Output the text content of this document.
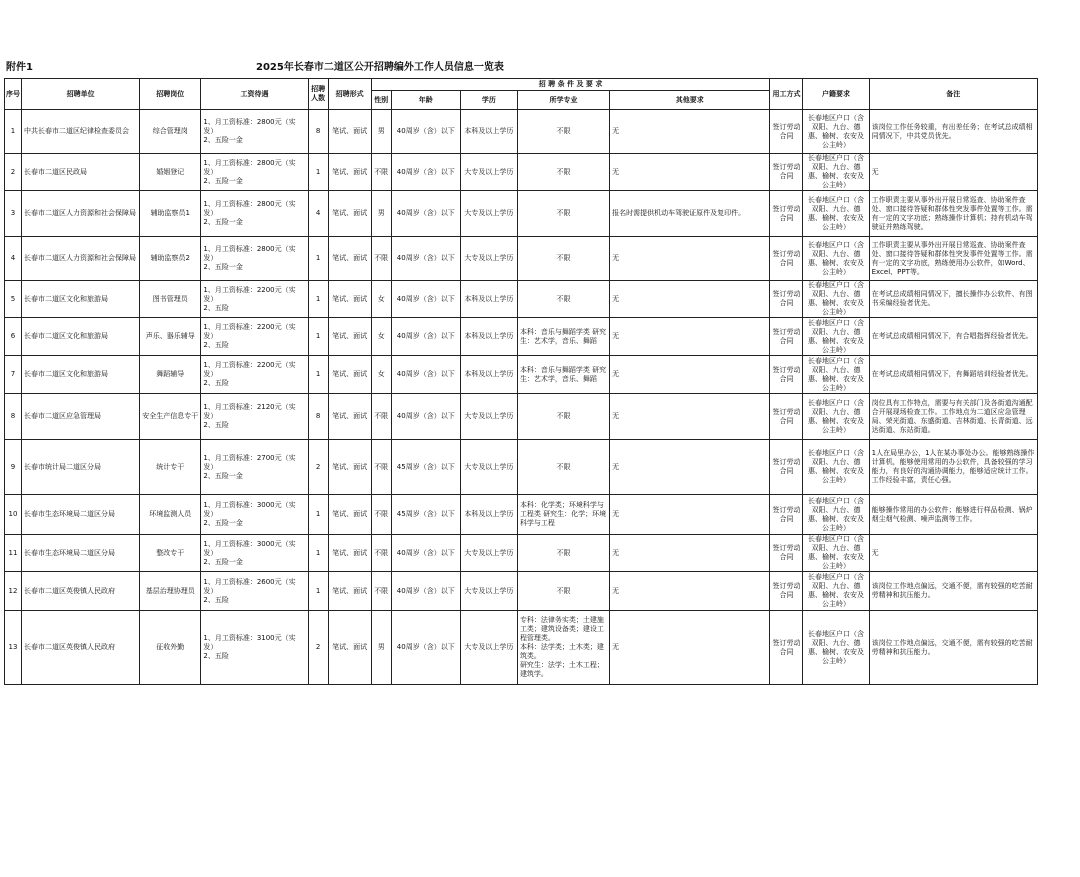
附件1	2025年长春市二道区公开招聘编外工作人员信息一览表
序号	招聘单位	招聘岗位	工资待遇	招聘人数	招聘形式	招 聘 条 件 及 要 求					用工方式	户籍要求	备注
						性别	年龄	学历	所学专业	其他要求			
1	中共长春市二道区纪律检查委员会	综合管理岗	1、月工资标准：2800元（实发）
2、五险一金	8	笔试、面试	男	40周岁（含）以下	本科及以上学历	不限	无	签订劳动合同	长春地区户口（含双阳、九台、德惠、榆树、农安及公主岭）	该岗位工作任务较重，有出差任务；在考试总成绩相同情况下，中共党员优先。
2	长春市二道区民政局	婚姻登记	1、月工资标准：2800元（实发）
2、五险一金	1	笔试、面试	不限	40周岁（含）以下	大专及以上学历	不限	无	签订劳动合同	长春地区户口（含双阳、九台、德惠、榆树、农安及公主岭）	无
3	长春市二道区人力资源和社会保障局	辅助监察员1	1、月工资标准：2800元（实发）
2、五险一金	4	笔试、面试	男	40周岁（含）以下	大专及以上学历	不限	报名时需提供机动车驾驶证原件及复印件。	签订劳动合同	长春地区户口（含双阳、九台、德惠、榆树、农安及公主岭）	工作职责主要从事外出开展日常巡查、协助案件查处、窗口接待答疑和群体性突发事件处置等工作。需有一定的文字功底；熟练操作计算机；持有机动车驾驶证并熟练驾驶。
4	长春市二道区人力资源和社会保障局	辅助监察员2	1、月工资标准：2800元（实发）
2、五险一金	1	笔试、面试	不限	40周岁（含）以下	大专及以上学历	不限	无	签订劳动合同	长春地区户口（含双阳、九台、德惠、榆树、农安及公主岭）	工作职责主要从事外出开展日常巡查、协助案件查处、窗口接待答疑和群体性突发事件处置等工作。需有一定的文字功底，熟练使用办公软件，如Word、Excel、PPT等。
5	长春市二道区文化和旅游局	图书管理员	1、月工资标准：2200元（实发）
2、五险	1	笔试、面试	女	40周岁（含）以下	本科及以上学历	不限	无	签订劳动合同	长春地区户口（含双阳、九台、德惠、榆树、农安及公主岭）	在考试总成绩相同情况下，擅长操作办公软件、有图书采编经验者优先。
6	长春市二道区文化和旅游局	声乐、器乐辅导	1、月工资标准：2200元（实发）
2、五险	1	笔试、面试	女	40周岁（含）以下	本科及以上学历	本科：音乐与舞蹈学类 研究生：艺术学，音乐、舞蹈	无	签订劳动合同	长春地区户口（含双阳、九台、德惠、榆树、农安及公主岭）	在考试总成绩相同情况下，有合唱指挥经验者优先。
7	长春市二道区文化和旅游局	舞蹈辅导	1、月工资标准：2200元（实发）
2、五险	1	笔试、面试	女	40周岁（含）以下	本科及以上学历	本科：音乐与舞蹈学类 研究生：艺术学，音乐、舞蹈	无	签订劳动合同	长春地区户口（含双阳、九台、德惠、榆树、农安及公主岭）	在考试总成绩相同情况下，有舞蹈培训经验者优先。
8	长春市二道区应急管理局	安全生产信息专干	1、月工资标准：2120元（实发）
2、五险	8	笔试、面试	不限	40周岁（含）以下	大专及以上学历	不限	无	签订劳动合同	长春地区户口（含双阳、九台、德惠、榆树、农安及公主岭）	岗位具有工作特点，需要与有关部门及各街道沟通配合开展现场检查工作。工作地点为二道区应急管理局、荣光街道、东盛街道、吉林街道、长青街道、远达街道、东站街道。
9	长春市统计局二道区分局	统计专干	1、月工资标准：2700元（实发）
2、五险一金	2	笔试、面试	不限	45周岁（含）以下	大专及以上学历	不限	无	签订劳动合同	长春地区户口（含双阳、九台、德惠、榆树、农安及公主岭）	1人在局里办公，1人在某办事处办公。能够熟练操作计算机，能够使用常用的办公软件，具备较强的学习能力，有良好的沟通协调能力，能够适应统计工作。工作经验丰富，责任心强。
10	长春市生态环境局二道区分局	环境监测人员	1、月工资标准：3000元（实发）
2、五险一金	1	笔试、面试	不限	45周岁（含）以下	本科及以上学历	本科：化学类；环境科学与工程类 研究生：化学；环境科学与工程	无	签订劳动合同	长春地区户口（含双阳、九台、德惠、榆树、农安及公主岭）	能够操作常用的办公软件；能够进行样品检测、锅炉烟尘烟气检测、噪声监测等工作。
11	长春市生态环境局二道区分局	整改专干	1、月工资标准：3000元（实发）
2、五险一金	1	笔试、面试	不限	40周岁（含）以下	大专及以上学历	不限	无	签订劳动合同	长春地区户口（含双阳、九台、德惠、榆树、农安及公主岭）	无
12	长春市二道区英俊镇人民政府	基层治理协理员	1、月工资标准：2600元（实发）
2、五险	1	笔试、面试	不限	40周岁（含）以下	大专及以上学历	不限	无	签订劳动合同	长春地区户口（含双阳、九台、德惠、榆树、农安及公主岭）	该岗位工作地点偏远，交通不便，需有较强的吃苦耐劳精神和抗压能力。
13	长春市二道区英俊镇人民政府	征收外勤	1、月工资标准：3100元（实发）
2、五险	2	笔试、面试	男	40周岁（含）以下	大专及以上学历	专科：法律务实类；土建施工类；建筑设备类；建设工程管理类。
本科：法学类；土木类；建筑类。
研究生：法学；土木工程；建筑学。	无	签订劳动合同	长春地区户口（含双阳、九台、德惠、榆树、农安及公主岭）	该岗位工作地点偏远，交通不便，需有较强的吃苦耐劳精神和抗压能力。
